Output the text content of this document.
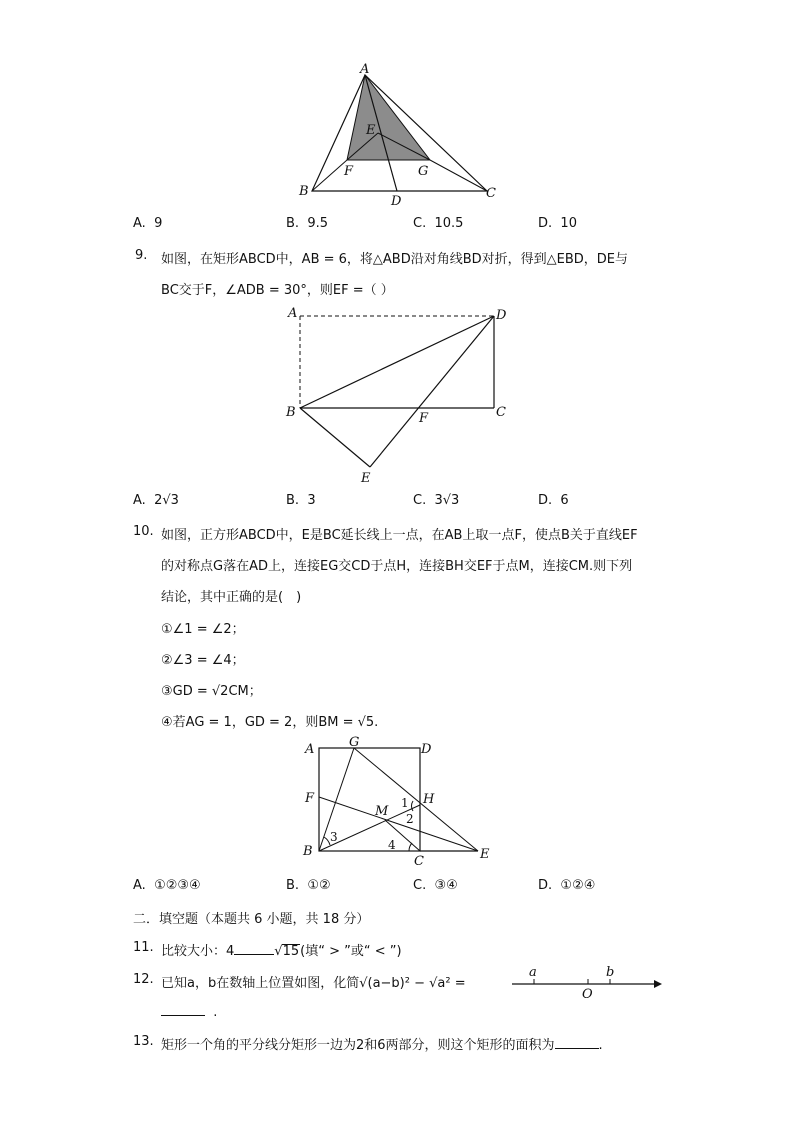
A
E
F	G
B	C
D
A. 9	B. 9.5	C. 10.5	D. 10
9. 如图，在矩形ABCD中，AB = 6，将△ABD沿对角线BD对折，得到△EBD，DE与
BC交于F，∠ADB = 30°，则EF =（ ）
A	D
B	F	C
E
A. 2√3	B. 3	C. 3√3	D. 6
10. 如图，正方形ABCD中，E是BC延长线上一点，在AB上取一点F，使点B关于直线EF
的对称点G落在AD上，连接EG交CD于点H，连接BH交EF于点M，连接CM.则下列
结论，其中正确的是(　)
①∠1 = ∠2；
②∠3 = ∠4；
③GD = √2CM；
④若AG = 1，GD = 2，则BM = √5.
A	G	D
F
M
H
B
C	E
1
2
3
4
A. ①②③④	B. ①②	C. ③④	D. ①②④
二．填空题（本题共 6 小题，共 18 分）
11. 比较大小：4	√15(填“ > ”或“ < ”)
12. 已知a，b在数轴上位置如图，化简√(a−b)² − √a² =
.
a	b
O
13. 矩形一个角的平分线分矩形一边为2和6两部分，则这个矩形的面积为	.
